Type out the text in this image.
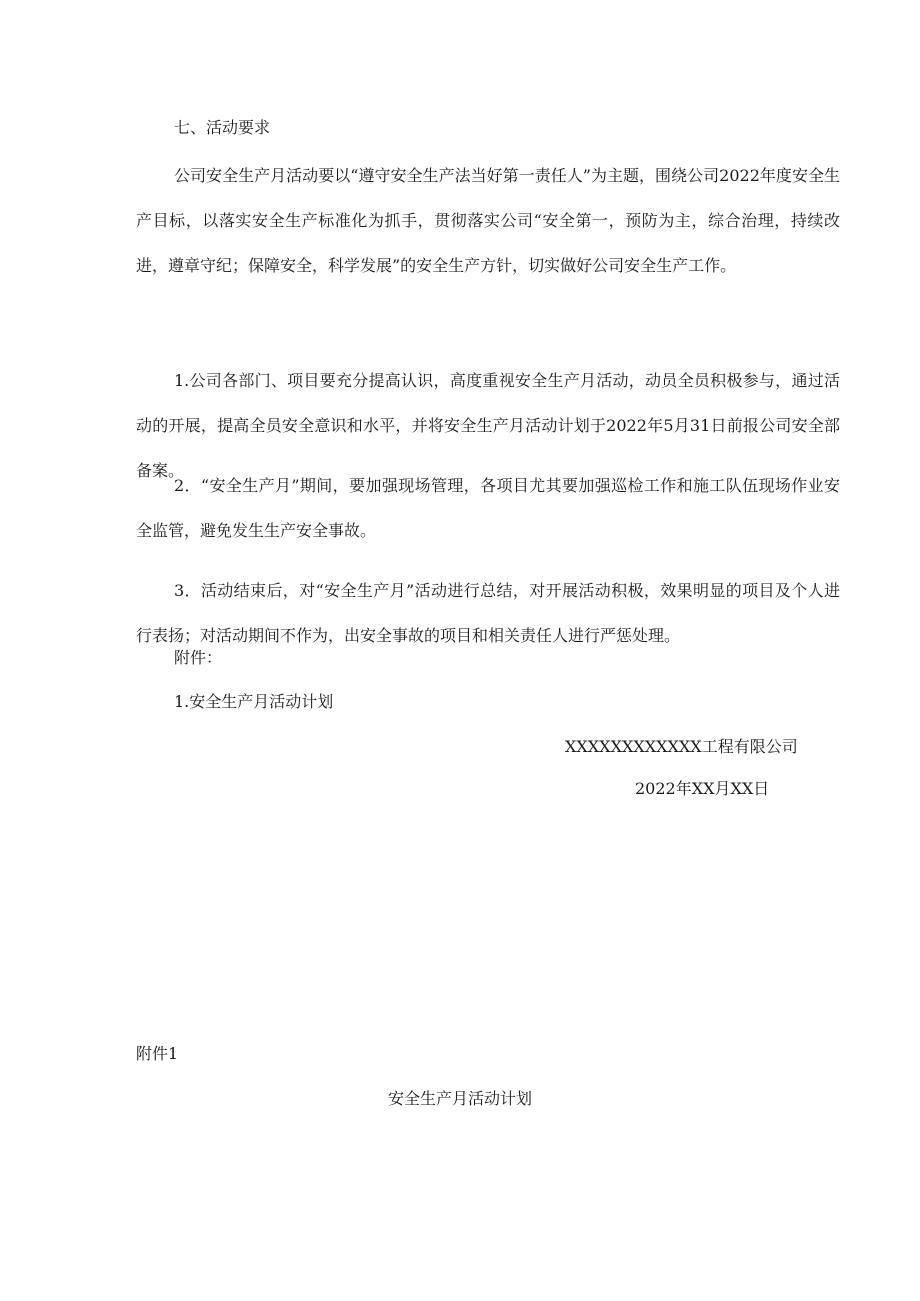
七、活动要求

公司安全生产月活动要以“遵守安全生产法当好第一责任人”为主题，围绕公司2022年度安全生产目标，以落实安全生产标准化为抓手，贯彻落实公司“安全第一，预防为主，综合治理，持续改进，遵章守纪；保障安全，科学发展”的安全生产方针，切实做好公司安全生产工作。

1.公司各部门、项目要充分提高认识，高度重视安全生产月活动，动员全员积极参与，通过活动的开展，提高全员安全意识和水平，并将安全生产月活动计划于2022年5月31日前报公司安全部备案。

2．“安全生产月”期间，要加强现场管理，各项目尤其要加强巡检工作和施工队伍现场作业安全监管，避免发生生产安全事故。

3．活动结束后，对“安全生产月”活动进行总结，对开展活动积极，效果明显的项目及个人进行表扬；对活动期间不作为，出安全事故的项目和相关责任人进行严惩处理。

附件：

1.安全生产月活动计划

XXXXXXXXXXXX工程有限公司

2022年XX月XX日

附件1

安全生产月活动计划
